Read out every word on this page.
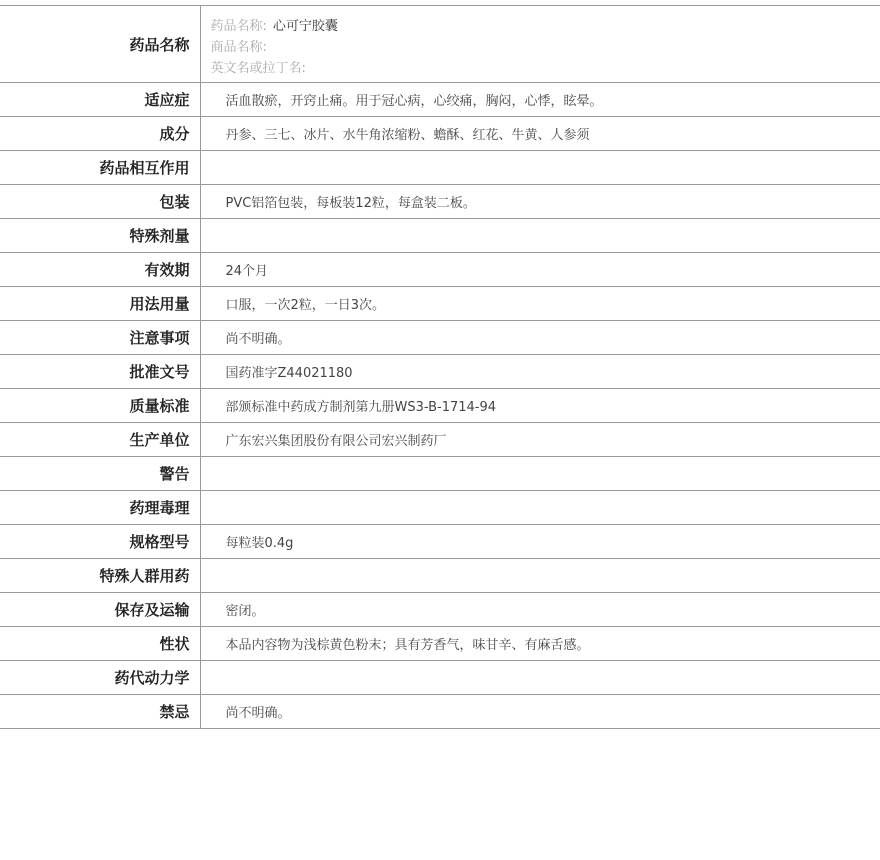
药品名称	药品名称: 心可宁胶囊
商品名称:
英文名或拉丁名:

适应症	活血散瘀，开窍止痛。用于冠心病，心绞痛，胸闷，心悸，眩晕。
成分	丹参、三七、冰片、水牛角浓缩粉、蟾酥、红花、牛黄、人参须
药品相互作用	
包装	PVC铝箔包装，每板装12粒，每盒装二板。
特殊剂量	
有效期	24个月
用法用量	口服，一次2粒，一日3次。
注意事项	尚不明确。
批准文号	国药准字Z44021180
质量标准	部颁标准中药成方制剂第九册WS3-B-1714-94
生产单位	广东宏兴集团股份有限公司宏兴制药厂
警告	
药理毒理	
规格型号	每粒装0.4g
特殊人群用药	
保存及运输	密闭。
性状	本品内容物为浅棕黄色粉末；具有芳香气，味甘辛、有麻舌感。
药代动力学	
禁忌	尚不明确。
